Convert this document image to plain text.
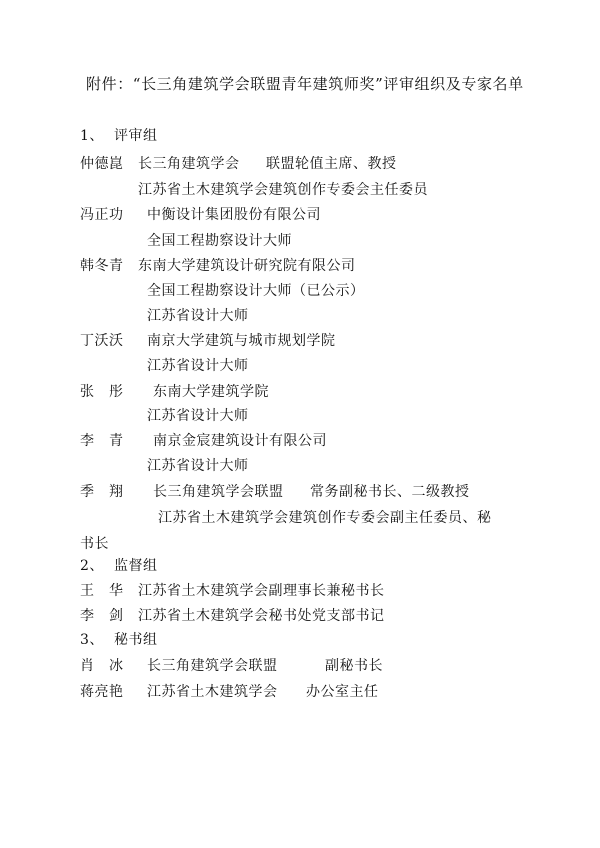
附件：“长三角建筑学会联盟青年建筑师奖”评审组织及专家名单
1、 评审组
仲德崑 长三角建筑学会 联盟轮值主席、教授
江苏省土木建筑学会建筑创作专委会主任委员
冯正功 中衡设计集团股份有限公司
全国工程勘察设计大师
韩冬青 东南大学建筑设计研究院有限公司
全国工程勘察设计大师（已公示）
江苏省设计大师
丁沃沃 南京大学建筑与城市规划学院
江苏省设计大师
张　彤 东南大学建筑学院
江苏省设计大师
李　青 南京金宸建筑设计有限公司
江苏省设计大师
季　翔 长三角建筑学会联盟 常务副秘书长、二级教授
江苏省土木建筑学会建筑创作专委会副主任委员、秘
书长
2、 监督组
王　华 江苏省土木建筑学会副理事长兼秘书长
李　剑 江苏省土木建筑学会秘书处党支部书记
3、 秘书组
肖　冰 长三角建筑学会联盟	副秘书长
蒋亮艳 江苏省土木建筑学会 办公室主任
